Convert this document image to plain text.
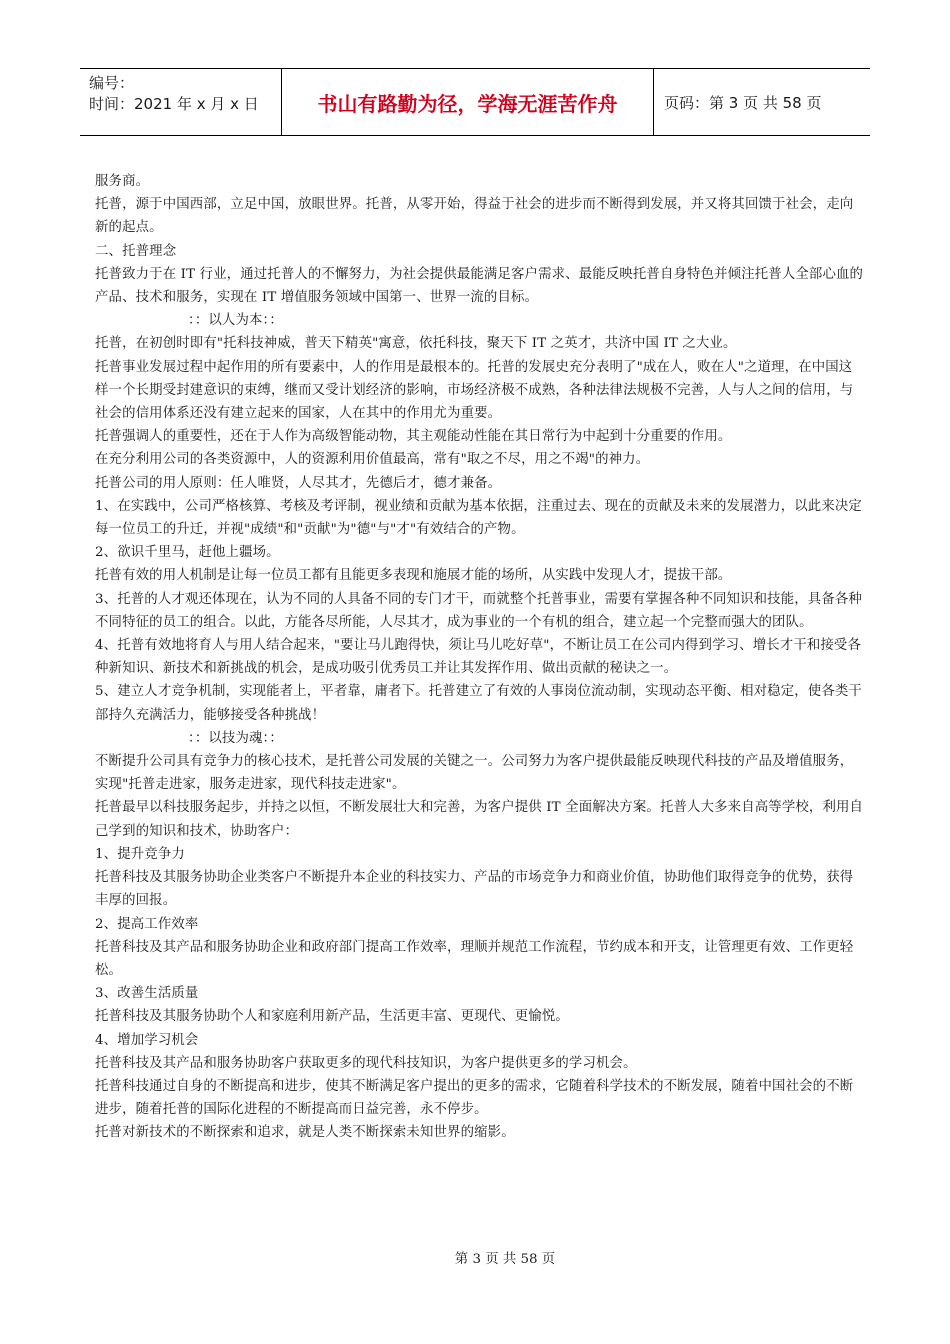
编号：
时间：2021 年 x 月 x 日	书山有路勤为径，学海无涯苦作舟	页码：第 3 页 共 58 页

服务商。

托普，源于中国西部，立足中国，放眼世界。托普，从零开始，得益于社会的进步而不断得到发展，并又将其回馈于社会，走向新的起点。

二、托普理念

托普致力于在 IT 行业，通过托普人的不懈努力，为社会提供最能满足客户需求、最能反映托普自身特色并倾注托普人全部心血的产品、技术和服务，实现在 IT 增值服务领域中国第一、世界一流的目标。

：：以人为本：：

托普，在初创时即有"托科技神威，普天下精英"寓意，依托科技，聚天下 IT 之英才，共济中国 IT 之大业。

托普事业发展过程中起作用的所有要素中，人的作用是最根本的。托普的发展史充分表明了"成在人，败在人"之道理，在中国这样一个长期受封建意识的束缚，继而又受计划经济的影响，市场经济极不成熟，各种法律法规极不完善，人与人之间的信用，与社会的信用体系还没有建立起来的国家，人在其中的作用尤为重要。

托普强调人的重要性，还在于人作为高级智能动物，其主观能动性能在其日常行为中起到十分重要的作用。

在充分利用公司的各类资源中，人的资源利用价值最高，常有"取之不尽，用之不竭"的神力。

托普公司的用人原则：任人唯贤，人尽其才，先德后才，德才兼备。

1、在实践中，公司严格核算、考核及考评制，视业绩和贡献为基本依据，注重过去、现在的贡献及未来的发展潜力，以此来决定每一位员工的升迁，并视"成绩"和"贡献"为"德"与"才"有效结合的产物。

2、欲识千里马，赶他上疆场。

托普有效的用人机制是让每一位员工都有且能更多表现和施展才能的场所，从实践中发现人才，提拔干部。

3、托普的人才观还体现在，认为不同的人具备不同的专门才干，而就整个托普事业，需要有掌握各种不同知识和技能，具备各种不同特征的员工的组合。以此，方能各尽所能，人尽其才，成为事业的一个有机的组合，建立起一个完整而强大的团队。

4、托普有效地将育人与用人结合起来，"要让马儿跑得快，须让马儿吃好草"，不断让员工在公司内得到学习、增长才干和接受各种新知识、新技术和新挑战的机会，是成功吸引优秀员工并让其发挥作用、做出贡献的秘诀之一。

5、建立人才竞争机制，实现能者上，平者靠，庸者下。托普建立了有效的人事岗位流动制，实现动态平衡、相对稳定，使各类干部持久充满活力，能够接受各种挑战！

：：以技为魂：：

不断提升公司具有竞争力的核心技术，是托普公司发展的关键之一。公司努力为客户提供最能反映现代科技的产品及增值服务，实现"托普走进家，服务走进家，现代科技走进家"。

托普最早以科技服务起步，并持之以恒，不断发展壮大和完善，为客户提供 IT 全面解决方案。托普人大多来自高等学校，利用自己学到的知识和技术，协助客户：

1、提升竞争力

托普科技及其服务协助企业类客户不断提升本企业的科技实力、产品的市场竞争力和商业价值，协助他们取得竞争的优势，获得丰厚的回报。

2、提高工作效率

托普科技及其产品和服务协助企业和政府部门提高工作效率，理顺并规范工作流程，节约成本和开支，让管理更有效、工作更轻松。

3、改善生活质量

托普科技及其服务协助个人和家庭利用新产品，生活更丰富、更现代、更愉悦。

4、增加学习机会

托普科技及其产品和服务协助客户获取更多的现代科技知识，为客户提供更多的学习机会。

托普科技通过自身的不断提高和进步，使其不断满足客户提出的更多的需求，它随着科学技术的不断发展，随着中国社会的不断进步，随着托普的国际化进程的不断提高而日益完善，永不停步。

托普对新技术的不断探索和追求，就是人类不断探索未知世界的缩影。

第 3 页 共 58 页
